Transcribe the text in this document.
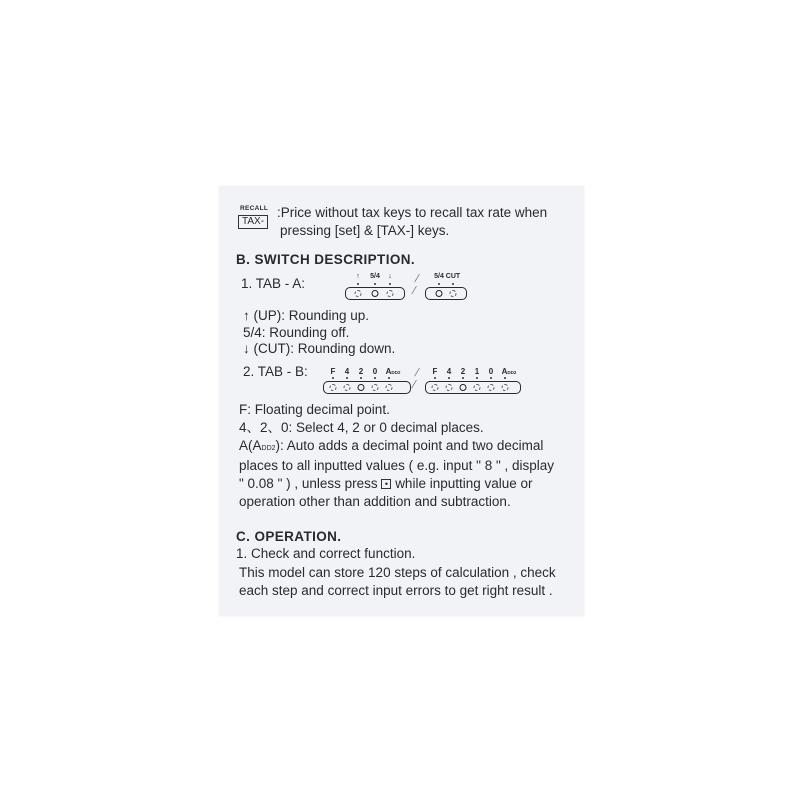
RECALL
TAX-
:Price without tax keys to recall tax rate when
pressing [set] & [TAX-] keys.
B. SWITCH DESCRIPTION.
1. TAB - A:	↑ 5/4 ↓ /
/
5/4 CUT
↑ (UP): Rounding up.
5/4: Rounding off.
↓ (CUT): Rounding down.
2. TAB - B:	F 4 2 0 ADD2 /
/
F 4 2 1 0 ADD2
F: Floating decimal point.
4、2、0: Select 4, 2 or 0 decimal places.
A(ADD2): Auto adds a decimal point and two decimal
places to all inputted values ( e.g. input " 8 " , display
" 0.08 " ) , unless press • while inputting value or
operation other than addition and subtraction.
C. OPERATION.
1. Check and correct function.
This model can store 120 steps of calculation , check
each step and correct input errors to get right result .
